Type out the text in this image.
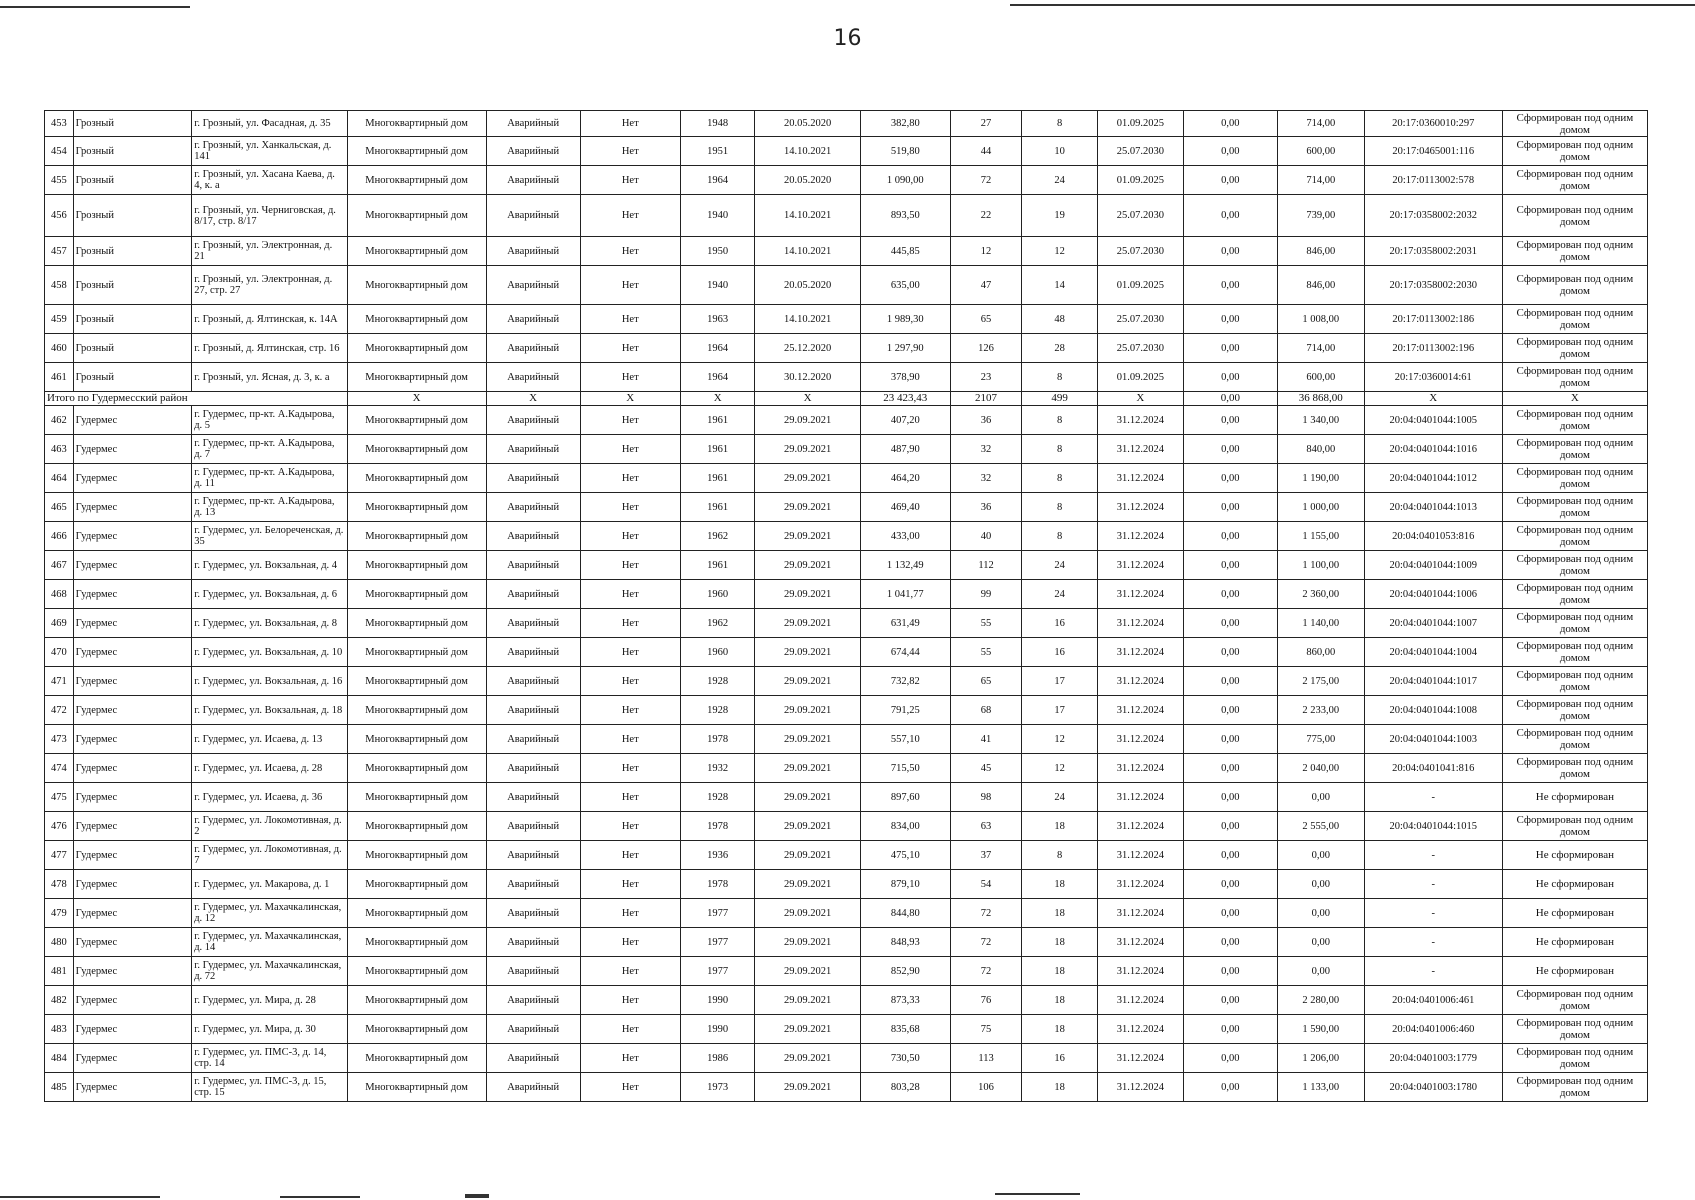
16
453	Грозный	г. Грозный, ул. Фасадная, д. 35	Многоквартирный дом	Аварийный	Нет	1948	20.05.2020	382,80	27	8	01.09.2025	0,00	714,00	20:17:0360010:297	Сформирован под одним домом
454	Грозный	г. Грозный, ул. Ханкальская, д. 141	Многоквартирный дом	Аварийный	Нет	1951	14.10.2021	519,80	44	10	25.07.2030	0,00	600,00	20:17:0465001:116	Сформирован под одним домом
455	Грозный	г. Грозный, ул. Хасана Каева, д. 4, к. а	Многоквартирный дом	Аварийный	Нет	1964	20.05.2020	1 090,00	72	24	01.09.2025	0,00	714,00	20:17:0113002:578	Сформирован под одним домом
456	Грозный	г. Грозный, ул. Черниговская, д. 8/17, стр. 8/17	Многоквартирный дом	Аварийный	Нет	1940	14.10.2021	893,50	22	19	25.07.2030	0,00	739,00	20:17:0358002:2032	Сформирован под одним домом
457	Грозный	г. Грозный, ул. Электронная, д. 21	Многоквартирный дом	Аварийный	Нет	1950	14.10.2021	445,85	12	12	25.07.2030	0,00	846,00	20:17:0358002:2031	Сформирован под одним домом
458	Грозный	г. Грозный, ул. Электронная, д. 27, стр. 27	Многоквартирный дом	Аварийный	Нет	1940	20.05.2020	635,00	47	14	01.09.2025	0,00	846,00	20:17:0358002:2030	Сформирован под одним домом
459	Грозный	г. Грозный, д. Ялтинская, к. 14А	Многоквартирный дом	Аварийный	Нет	1963	14.10.2021	1 989,30	65	48	25.07.2030	0,00	1 008,00	20:17:0113002:186	Сформирован под одним домом
460	Грозный	г. Грозный, д. Ялтинская, стр. 16	Многоквартирный дом	Аварийный	Нет	1964	25.12.2020	1 297,90	126	28	25.07.2030	0,00	714,00	20:17:0113002:196	Сформирован под одним домом
461	Грозный	г. Грозный, ул. Ясная, д. 3, к. а	Многоквартирный дом	Аварийный	Нет	1964	30.12.2020	378,90	23	8	01.09.2025	0,00	600,00	20:17:0360014:61	Сформирован под одним домом
Итого по Гудермесский район			X	X	X	X	X	23 423,43	2107	499	X	0,00	36 868,00	X	X
462	Гудермес	г. Гудермес, пр-кт. А.Кадырова, д. 5	Многоквартирный дом	Аварийный	Нет	1961	29.09.2021	407,20	36	8	31.12.2024	0,00	1 340,00	20:04:0401044:1005	Сформирован под одним домом
463	Гудермес	г. Гудермес, пр-кт. А.Кадырова, д. 7	Многоквартирный дом	Аварийный	Нет	1961	29.09.2021	487,90	32	8	31.12.2024	0,00	840,00	20:04:0401044:1016	Сформирован под одним домом
464	Гудермес	г. Гудермес, пр-кт. А.Кадырова, д. 11	Многоквартирный дом	Аварийный	Нет	1961	29.09.2021	464,20	32	8	31.12.2024	0,00	1 190,00	20:04:0401044:1012	Сформирован под одним домом
465	Гудермес	г. Гудермес, пр-кт. А.Кадырова, д. 13	Многоквартирный дом	Аварийный	Нет	1961	29.09.2021	469,40	36	8	31.12.2024	0,00	1 000,00	20:04:0401044:1013	Сформирован под одним домом
466	Гудермес	г. Гудермес, ул. Белореченская, д. 35	Многоквартирный дом	Аварийный	Нет	1962	29.09.2021	433,00	40	8	31.12.2024	0,00	1 155,00	20:04:0401053:816	Сформирован под одним домом
467	Гудермес	г. Гудермес, ул. Вокзальная, д. 4	Многоквартирный дом	Аварийный	Нет	1961	29.09.2021	1 132,49	112	24	31.12.2024	0,00	1 100,00	20:04:0401044:1009	Сформирован под одним домом
468	Гудермес	г. Гудермес, ул. Вокзальная, д. 6	Многоквартирный дом	Аварийный	Нет	1960	29.09.2021	1 041,77	99	24	31.12.2024	0,00	2 360,00	20:04:0401044:1006	Сформирован под одним домом
469	Гудермес	г. Гудермес, ул. Вокзальная, д. 8	Многоквартирный дом	Аварийный	Нет	1962	29.09.2021	631,49	55	16	31.12.2024	0,00	1 140,00	20:04:0401044:1007	Сформирован под одним домом
470	Гудермес	г. Гудермес, ул. Вокзальная, д. 10	Многоквартирный дом	Аварийный	Нет	1960	29.09.2021	674,44	55	16	31.12.2024	0,00	860,00	20:04:0401044:1004	Сформирован под одним домом
471	Гудермес	г. Гудермес, ул. Вокзальная, д. 16	Многоквартирный дом	Аварийный	Нет	1928	29.09.2021	732,82	65	17	31.12.2024	0,00	2 175,00	20:04:0401044:1017	Сформирован под одним домом
472	Гудермес	г. Гудермес, ул. Вокзальная, д. 18	Многоквартирный дом	Аварийный	Нет	1928	29.09.2021	791,25	68	17	31.12.2024	0,00	2 233,00	20:04:0401044:1008	Сформирован под одним домом
473	Гудермес	г. Гудермес, ул. Исаева, д. 13	Многоквартирный дом	Аварийный	Нет	1978	29.09.2021	557,10	41	12	31.12.2024	0,00	775,00	20:04:0401044:1003	Сформирован под одним домом
474	Гудермес	г. Гудермес, ул. Исаева, д. 28	Многоквартирный дом	Аварийный	Нет	1932	29.09.2021	715,50	45	12	31.12.2024	0,00	2 040,00	20:04:0401041:816	Сформирован под одним домом
475	Гудермес	г. Гудермес, ул. Исаева, д. 36	Многоквартирный дом	Аварийный	Нет	1928	29.09.2021	897,60	98	24	31.12.2024	0,00	0,00	-	Не сформирован
476	Гудермес	г. Гудермес, ул. Локомотивная, д. 2	Многоквартирный дом	Аварийный	Нет	1978	29.09.2021	834,00	63	18	31.12.2024	0,00	2 555,00	20:04:0401044:1015	Сформирован под одним домом
477	Гудермес	г. Гудермес, ул. Локомотивная, д. 7	Многоквартирный дом	Аварийный	Нет	1936	29.09.2021	475,10	37	8	31.12.2024	0,00	0,00	-	Не сформирован
478	Гудермес	г. Гудермес, ул. Макарова, д. 1	Многоквартирный дом	Аварийный	Нет	1978	29.09.2021	879,10	54	18	31.12.2024	0,00	0,00	-	Не сформирован
479	Гудермес	г. Гудермес, ул. Махачкалинская, д. 12	Многоквартирный дом	Аварийный	Нет	1977	29.09.2021	844,80	72	18	31.12.2024	0,00	0,00	-	Не сформирован
480	Гудермес	г. Гудермес, ул. Махачкалинская, д. 14	Многоквартирный дом	Аварийный	Нет	1977	29.09.2021	848,93	72	18	31.12.2024	0,00	0,00	-	Не сформирован
481	Гудермес	г. Гудермес, ул. Махачкалинская, д. 72	Многоквартирный дом	Аварийный	Нет	1977	29.09.2021	852,90	72	18	31.12.2024	0,00	0,00	-	Не сформирован
482	Гудермес	г. Гудермес, ул. Мира, д. 28	Многоквартирный дом	Аварийный	Нет	1990	29.09.2021	873,33	76	18	31.12.2024	0,00	2 280,00	20:04:0401006:461	Сформирован под одним домом
483	Гудермес	г. Гудермес, ул. Мира, д. 30	Многоквартирный дом	Аварийный	Нет	1990	29.09.2021	835,68	75	18	31.12.2024	0,00	1 590,00	20:04:0401006:460	Сформирован под одним домом
484	Гудермес	г. Гудермес, ул. ПМС-3, д. 14, стр. 14	Многоквартирный дом	Аварийный	Нет	1986	29.09.2021	730,50	113	16	31.12.2024	0,00	1 206,00	20:04:0401003:1779	Сформирован под одним домом
485	Гудермес	г. Гудермес, ул. ПМС-3, д. 15, стр. 15	Многоквартирный дом	Аварийный	Нет	1973	29.09.2021	803,28	106	18	31.12.2024	0,00	1 133,00	20:04:0401003:1780	Сформирован под одним домом
